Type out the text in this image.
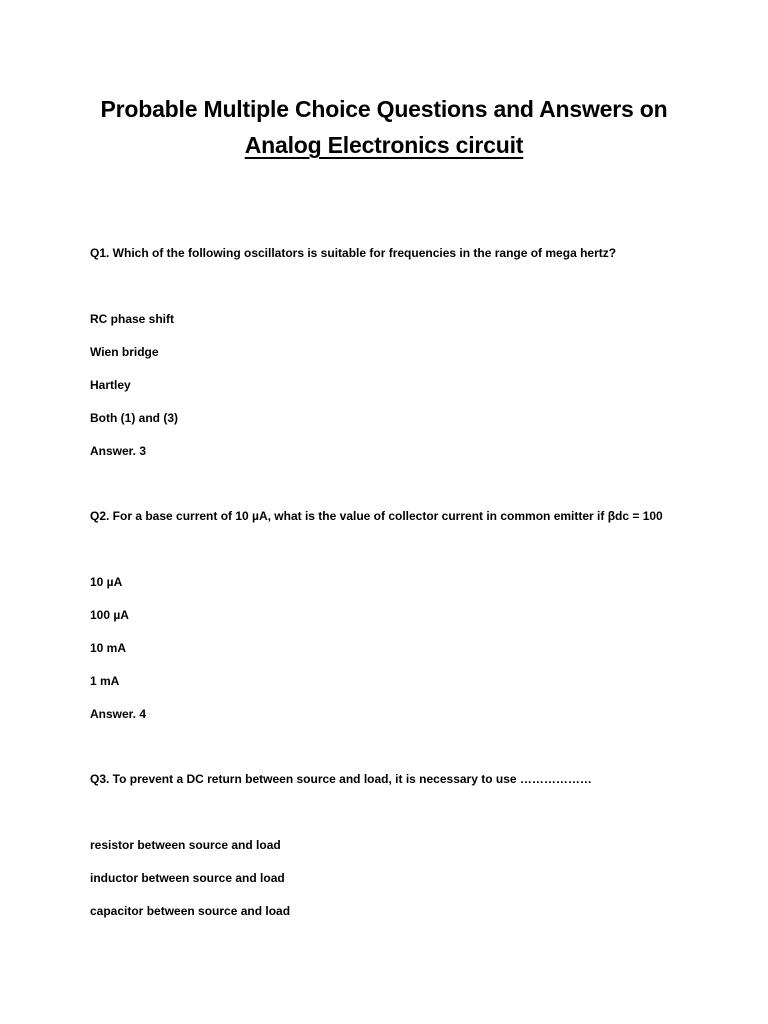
Probable Multiple Choice Questions and Answers on
Analog Electronics circuit
Q1. Which of the following oscillators is suitable for frequencies in the range of mega hertz?
RC phase shift
Wien bridge
Hartley
Both (1) and (3)
Answer. 3
Q2. For a base current of 10 µA, what is the value of collector current in common emitter if βdc = 100
10 µA
100 µA
10 mA
1 mA
Answer. 4
Q3. To prevent a DC return between source and load, it is necessary to use ………………
resistor between source and load
inductor between source and load
capacitor between source and load
